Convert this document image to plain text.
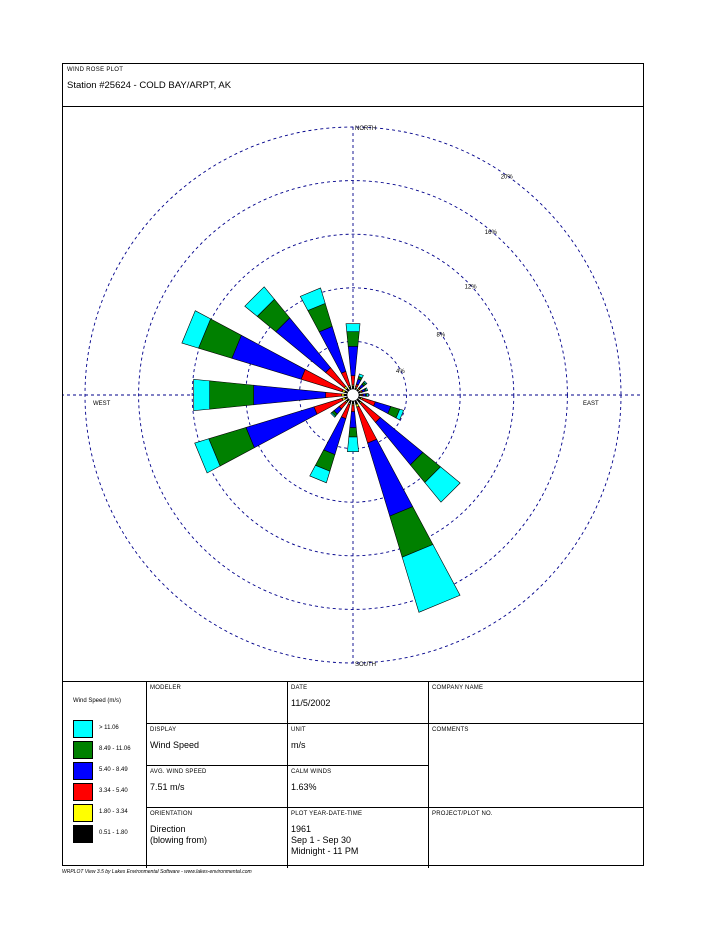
WIND ROSE PLOT
Station #25624 - COLD BAY/ARPT, AK
4%
8%
12%
16%
20%
NORTH
SOUTH
WEST	EAST
Wind Speed (m/s)
> 11.06
8.49 - 11.06
5.40 - 8.49
3.34 - 5.40
1.80 - 3.34
0.51 - 1.80
MODELER	DATE
11/5/2002
COMPANY NAME
DISPLAY
Wind Speed
UNIT
m/s
COMMENTS
AVG. WIND SPEED
7.51 m/s
CALM WINDS
1.63%
ORIENTATION
Direction
(blowing from)
PLOT YEAR-DATE-TIME
1961
Sep 1 - Sep 30
Midnight - 11 PM
PROJECT/PLOT NO.
WRPLOT View 3.5 by Lakes Environmental Software - www.lakes-environmental.com
